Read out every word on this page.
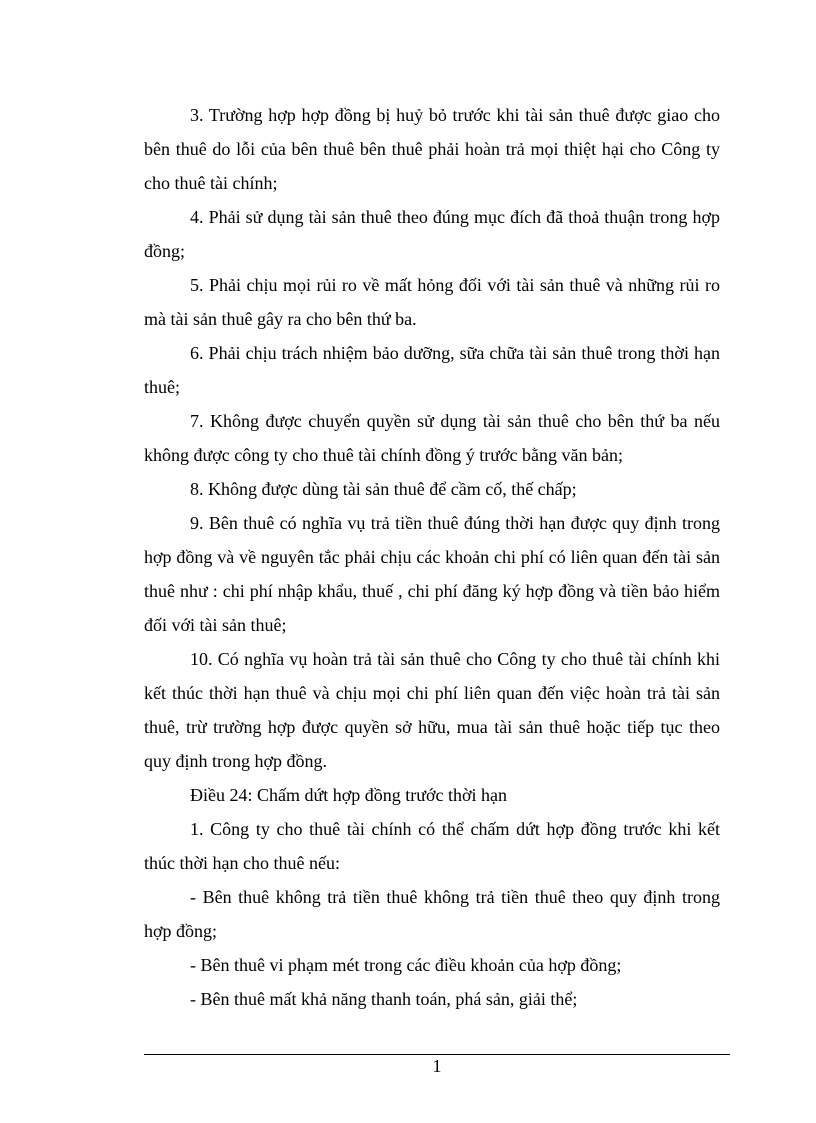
3. Trường hợp hợp đồng bị huỷ bỏ trước khi tài sản thuê được giao cho bên thuê do lỗi của bên thuê bên thuê phải hoàn trả mọi thiệt hại cho Công ty cho thuê tài chính;

4. Phải sử dụng tài sản thuê theo đúng mục đích đã thoả thuận trong hợp đồng;

5. Phải chịu mọi rủi ro về mất hỏng đối với tài sản thuê và những rủi ro mà tài sản thuê gây ra cho bên thứ ba.

6. Phải chịu trách nhiệm bảo dưỡng, sữa chữa tài sản thuê trong thời hạn thuê;

7. Không được chuyển quyền sử dụng tài sản thuê cho bên thứ ba nếu không được công ty cho thuê tài chính đồng ý trước bằng văn bản;

8. Không được dùng tài sản thuê để cầm cố, thế chấp;

9. Bên thuê có nghĩa vụ trả tiền thuê đúng thời hạn được quy định trong hợp đồng và về nguyên tắc phải chịu các khoản chi phí có liên quan đến tài sản thuê như : chi phí nhập khẩu, thuế , chi phí đăng ký hợp đồng và tiền bảo hiểm đối với tài sản thuê;

10. Có nghĩa vụ hoàn trả tài sản thuê cho Công ty cho thuê tài chính khi kết thúc thời hạn thuê và chịu mọi chi phí liên quan đến việc hoàn trả tài sản thuê, trừ trường hợp được quyền sở hữu, mua tài sản thuê hoặc tiếp tục theo quy định trong hợp đồng.

Điều 24: Chấm dứt hợp đồng trước thời hạn

1. Công ty cho thuê tài chính có thể chấm dứt hợp đồng trước khi kết thúc thời hạn cho thuê nếu:

- Bên thuê không trả tiền thuê không trả tiền thuê theo quy định trong hợp đồng;

- Bên thuê vi phạm mét trong các điều khoản của hợp đồng;

- Bên thuê mất khả năng thanh toán, phá sản, giải thể;

1
